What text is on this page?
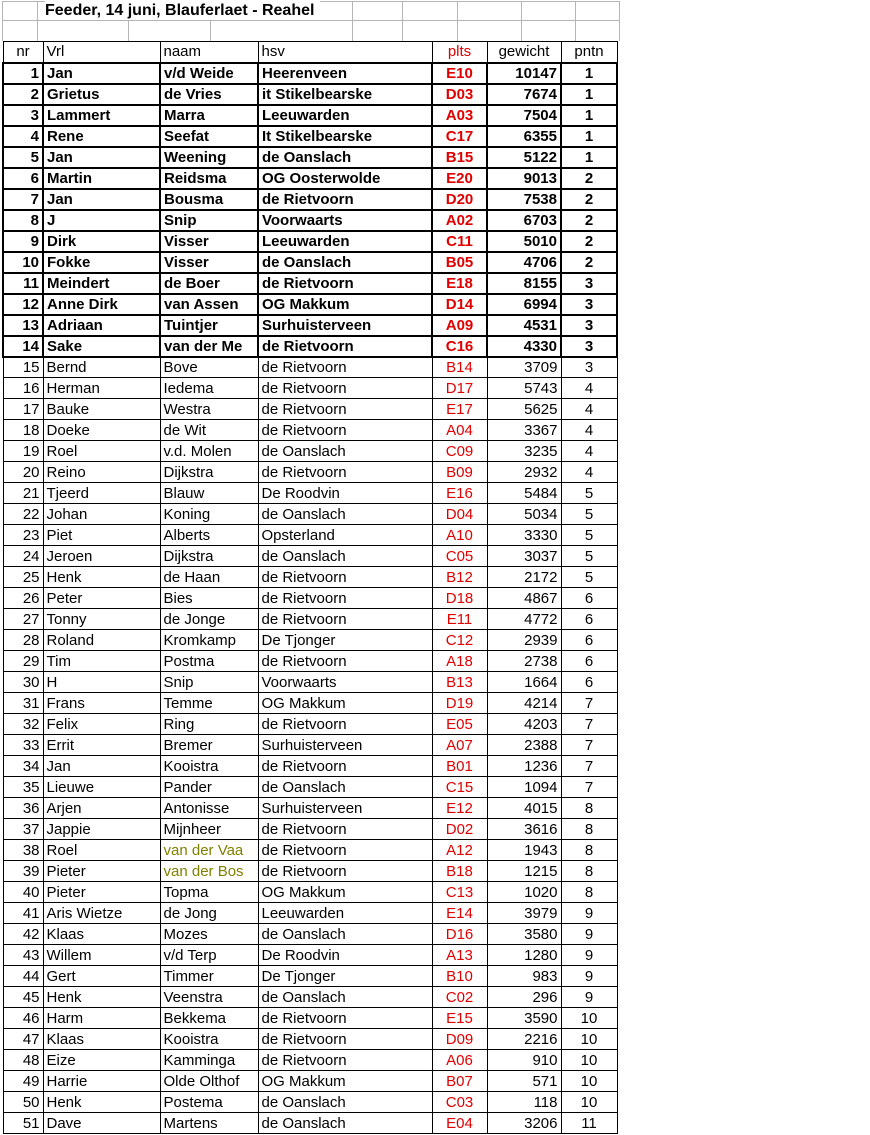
Feeder, 14 juni, Blauferlaet - Reahel
nr	Vrl	naam	hsv	plts	gewicht	pntn
1	Jan	v/d Weide	Heerenveen	E10	10147	1
2	Grietus	de Vries	it Stikelbearske	D03	7674	1
3	Lammert	Marra	Leeuwarden	A03	7504	1
4	Rene	Seefat	It Stikelbearske	C17	6355	1
5	Jan	Weening	de Oanslach	B15	5122	1
6	Martin	Reidsma	OG Oosterwolde	E20	9013	2
7	Jan	Bousma	de Rietvoorn	D20	7538	2
8	J	Snip	Voorwaarts	A02	6703	2
9	Dirk	Visser	Leeuwarden	C11	5010	2
10	Fokke	Visser	de Oanslach	B05	4706	2
11	Meindert	de Boer	de Rietvoorn	E18	8155	3
12	Anne Dirk	van Assen	OG Makkum	D14	6994	3
13	Adriaan	Tuintjer	Surhuisterveen	A09	4531	3
14	Sake	van der Me	de Rietvoorn	C16	4330	3
15	Bernd	Bove	de Rietvoorn	B14	3709	3
16	Herman	Iedema	de Rietvoorn	D17	5743	4
17	Bauke	Westra	de Rietvoorn	E17	5625	4
18	Doeke	de Wit	de Rietvoorn	A04	3367	4
19	Roel	v.d. Molen	de Oanslach	C09	3235	4
20	Reino	Dijkstra	de Rietvoorn	B09	2932	4
21	Tjeerd	Blauw	De Roodvin	E16	5484	5
22	Johan	Koning	de Oanslach	D04	5034	5
23	Piet	Alberts	Opsterland	A10	3330	5
24	Jeroen	Dijkstra	de Oanslach	C05	3037	5
25	Henk	de Haan	de Rietvoorn	B12	2172	5
26	Peter	Bies	de Rietvoorn	D18	4867	6
27	Tonny	de Jonge	de Rietvoorn	E11	4772	6
28	Roland	Kromkamp	De Tjonger	C12	2939	6
29	Tim	Postma	de Rietvoorn	A18	2738	6
30	H	Snip	Voorwaarts	B13	1664	6
31	Frans	Temme	OG Makkum	D19	4214	7
32	Felix	Ring	de Rietvoorn	E05	4203	7
33	Errit	Bremer	Surhuisterveen	A07	2388	7
34	Jan	Kooistra	de Rietvoorn	B01	1236	7
35	Lieuwe	Pander	de Oanslach	C15	1094	7
36	Arjen	Antonisse	Surhuisterveen	E12	4015	8
37	Jappie	Mijnheer	de Rietvoorn	D02	3616	8
38	Roel	van der Vaa	de Rietvoorn	A12	1943	8
39	Pieter	van der Bos	de Rietvoorn	B18	1215	8
40	Pieter	Topma	OG Makkum	C13	1020	8
41	Aris Wietze	de Jong	Leeuwarden	E14	3979	9
42	Klaas	Mozes	de Oanslach	D16	3580	9
43	Willem	v/d Terp	De Roodvin	A13	1280	9
44	Gert	Timmer	De Tjonger	B10	983	9
45	Henk	Veenstra	de Oanslach	C02	296	9
46	Harm	Bekkema	de Rietvoorn	E15	3590	10
47	Klaas	Kooistra	de Rietvoorn	D09	2216	10
48	Eize	Kamminga	de Rietvoorn	A06	910	10
49	Harrie	Olde Olthof	OG Makkum	B07	571	10
50	Henk	Postema	de Oanslach	C03	118	10
51	Dave	Martens	de Oanslach	E04	3206	11
